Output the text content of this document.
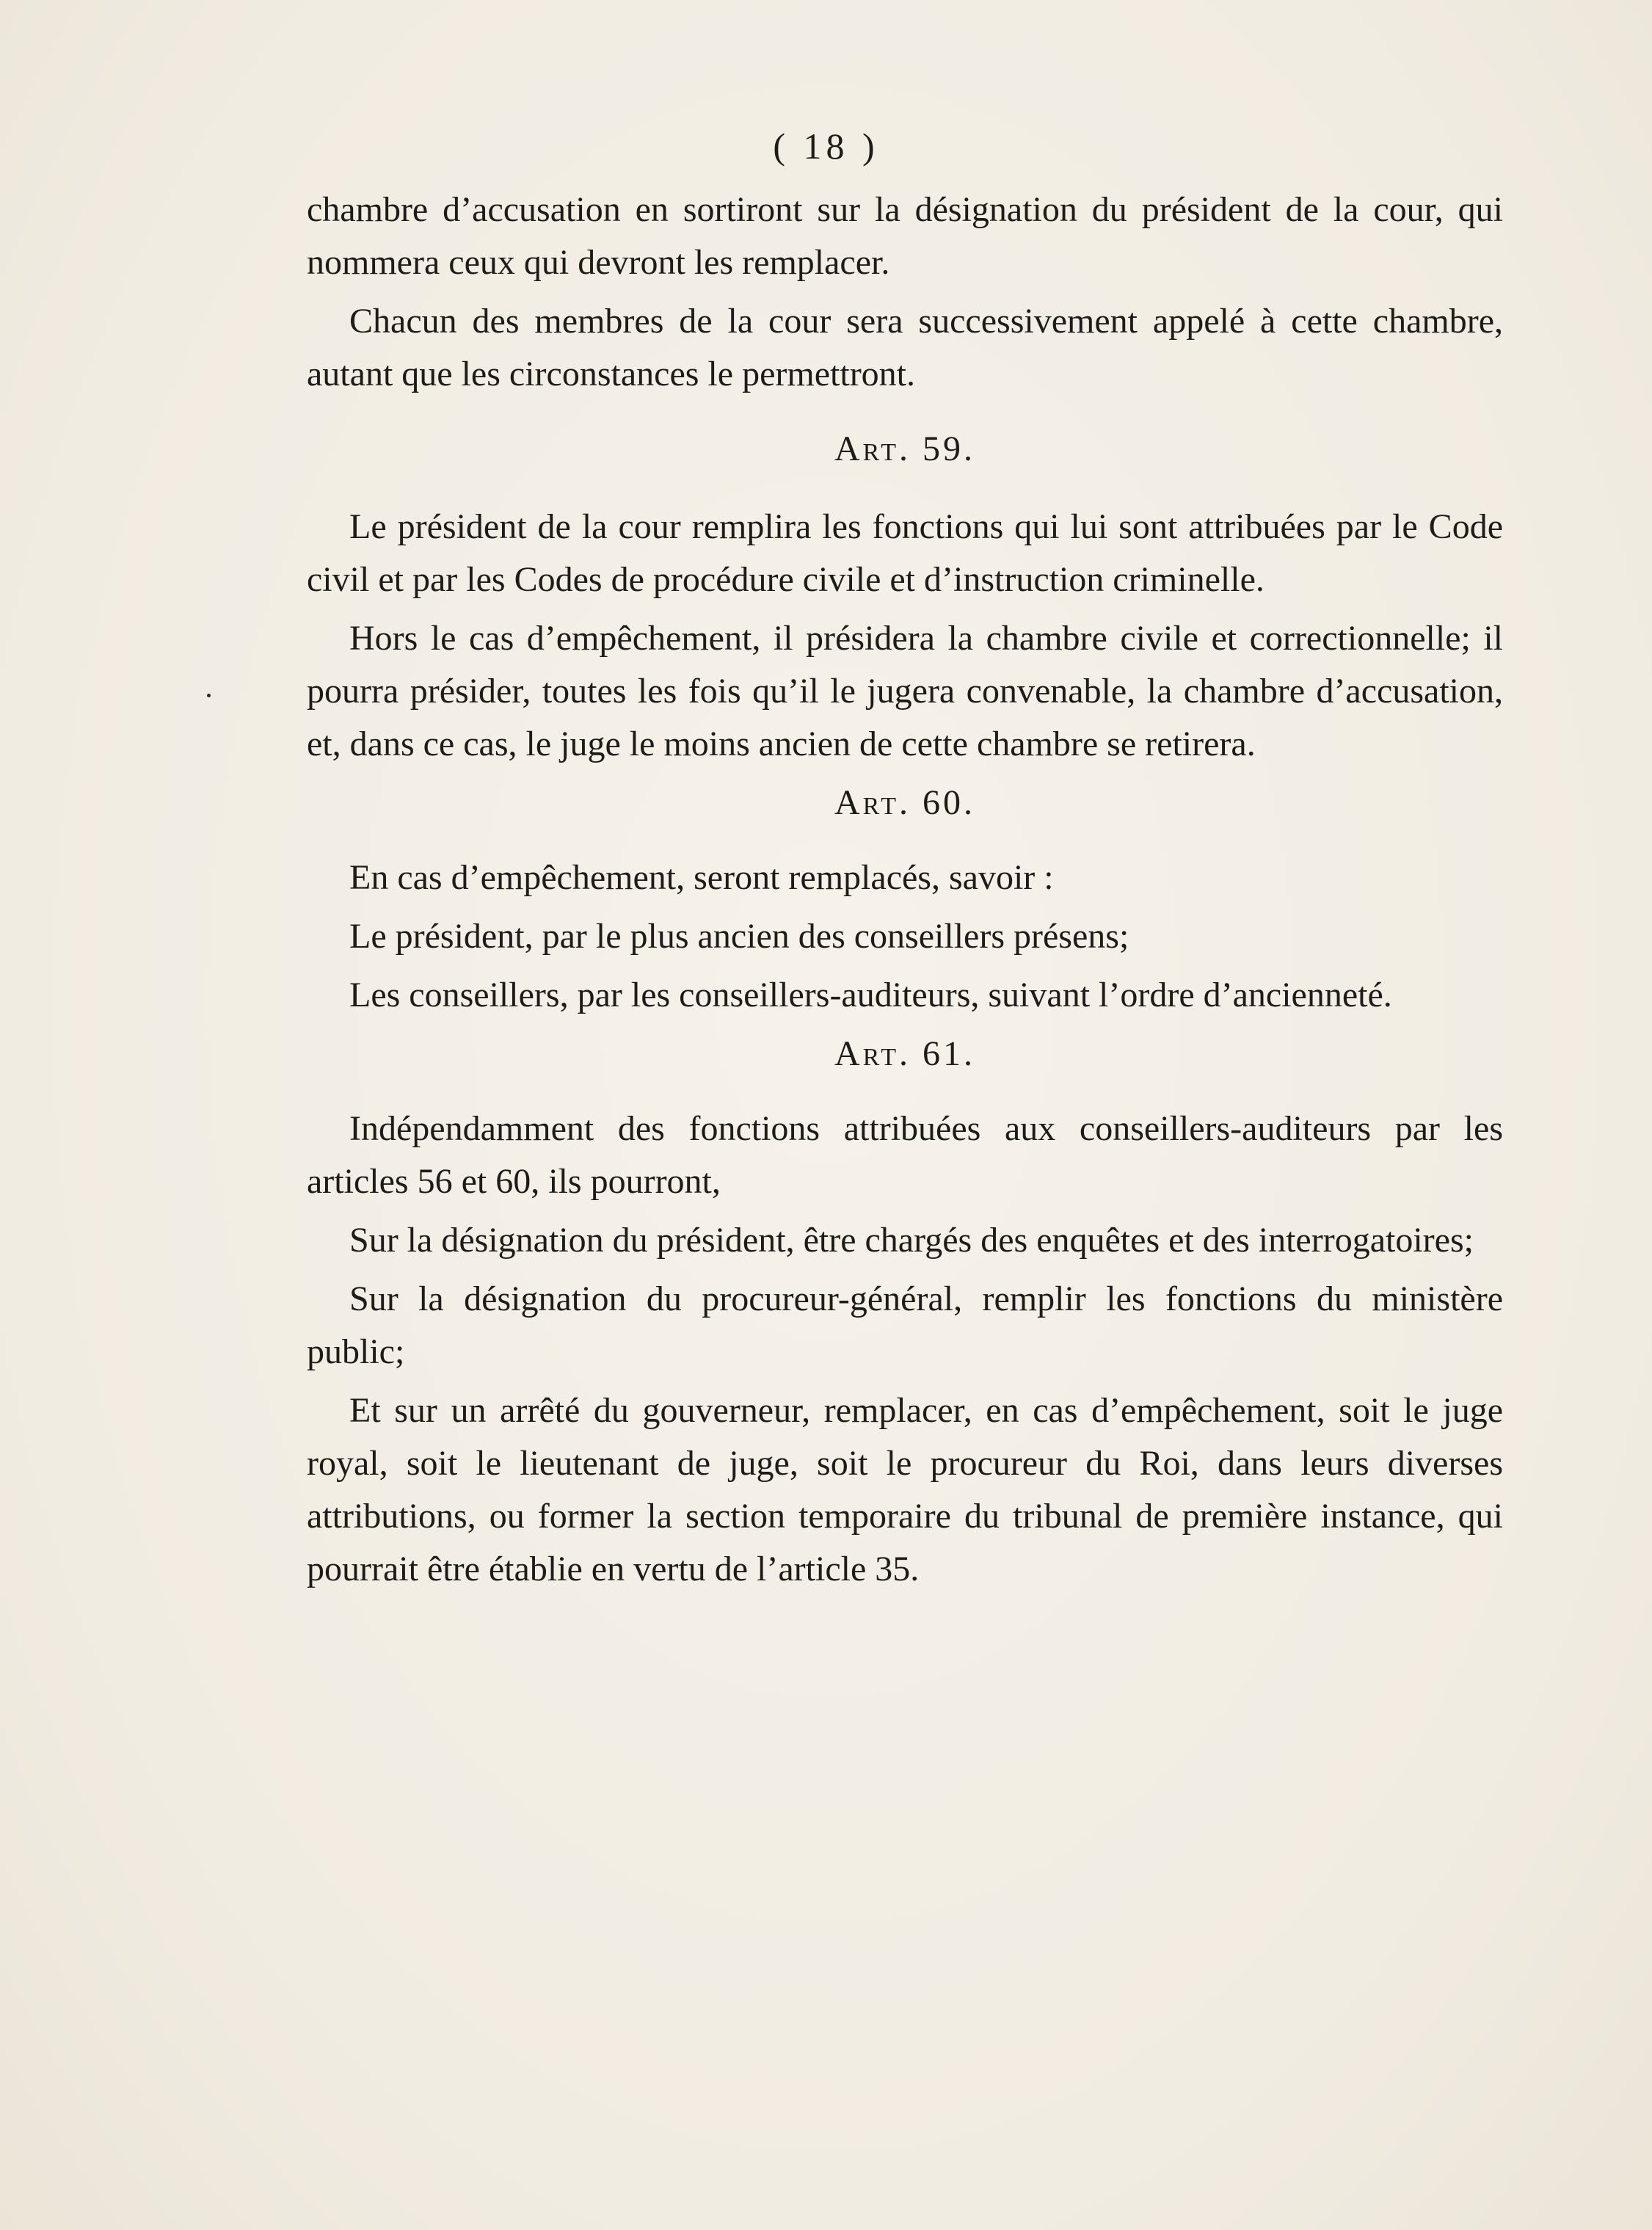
( 18 )

chambre d’accusation en sortiront sur la désignation du président de la cour, qui nommera ceux qui devront les remplacer.

Chacun des membres de la cour sera successivement appelé à cette chambre, autant que les circonstances le permettront.

Art. 59.

Le président de la cour remplira les fonctions qui lui sont attribuées par le Code civil et par les Codes de procédure civile et d’instruction criminelle.

Hors le cas d’empêchement, il présidera la chambre civile et correctionnelle; il pourra présider, toutes les fois qu’il le jugera convenable, la chambre d’accusation, et, dans ce cas, le juge le moins ancien de cette chambre se retirera.

Art. 60.

En cas d’empêchement, seront remplacés, savoir :

Le président, par le plus ancien des conseillers présens;

Les conseillers, par les conseillers-auditeurs, suivant l’ordre d’ancienneté.

Art. 61.

Indépendamment des fonctions attribuées aux conseillers-auditeurs par les articles 56 et 60, ils pourront,

Sur la désignation du président, être chargés des enquêtes et des interrogatoires;

Sur la désignation du procureur-général, remplir les fonctions du ministère public;

Et sur un arrêté du gouverneur, remplacer, en cas d’empêchement, soit le juge royal, soit le lieutenant de juge, soit le procureur du Roi, dans leurs diverses attributions, ou former la section temporaire du tribunal de première instance, qui pourrait être établie en vertu de l’article 35.
